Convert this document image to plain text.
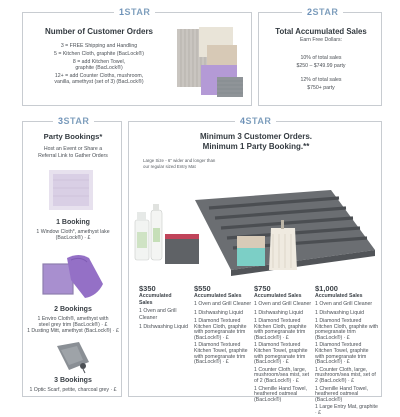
1STAR
Number of Customer Orders
3 = FREE Shipping and Handling
5 = Kitchen Cloth, graphite (BacLock®)
8 = add Kitchen Towel,
graphite (BacLock®)
12+ = add Counter Cloths, mushroom,
vanilla, amethyst (set of 3) (BacLock®)
2STAR
Total Accumulated Sales
Earn Free Dollars:
10% of total sales
$250 – $749.99 party
12% of total sales
$750+ party
3STAR
Party Bookings*
Host an Event or Share a
Referral Link to Gather Orders
1 Booking
1 Window Cloth*, amethyst lake
(BacLock®) · £
2 Bookings
1 Enviro Cloth®, amethyst with
steel grey trim (BacLock®) · £
1 Dusting Mitt, amethyst (BacLock®) · £
3 Bookings
1 Optic Scarf, petite, charcoal grey · £
4STAR
Minimum 3 Customer Orders.
Minimum 1 Party Booking.**
Large Size - 6" wider and longer than
our regular sized Entry Mat
$350
Accumulated
Sales
1 Oven and Grill Cleaner
1 Dishwashing Liquid
$550
Accumulated Sales
1 Oven and Grill Cleaner
1 Dishwashing Liquid
1 Diamond Textured Kitchen Cloth, graphite with pomegranate trim (BacLock®) · £
1 Diamond Textured Kitchen Towel, graphite with pomegranate trim (BacLock®) · £
$750
Accumulated Sales
1 Oven and Grill Cleaner
1 Dishwashing Liquid
1 Diamond Textured Kitchen Cloth, graphite with pomegranate trim (BacLock®) · £
1 Diamond Textured Kitchen Towel, graphite with pomegranate trim (BacLock®) · £
1 Counter Cloth, large, mushroom/sea mist, set of 2 (BacLock®) · £
1 Chenille Hand Towel, heathered oatmeal (BacLock®)
$1,000
Accumulated Sales
1 Oven and Grill Cleaner
1 Dishwashing Liquid
1 Diamond Textured Kitchen Cloth, graphite with pomegranate trim (BacLock®) · £
1 Diamond Textured Kitchen Towel, graphite with pomegranate trim (BacLock®) · £
1 Counter Cloth, large, mushroom/sea mist, set of 2 (BacLock®) · £
1 Chenille Hand Towel, heathered oatmeal (BacLock®)
1 Large Entry Mat, graphite · £
